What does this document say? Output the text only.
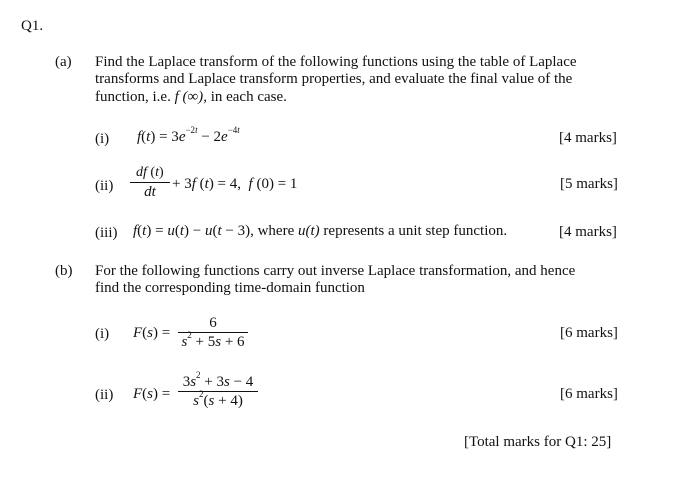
Q1.
(a) Find the Laplace transform of the following functions using the table of Laplace
transforms and Laplace transform properties, and evaluate the final value of the
function, i.e. f (∞), in each case.
(i) $f(t) = 3e^{-2t} - 2e^{-4t}$	[4 marks]
(ii)	dt
df (t)
+ 3f (t) = 4,  f (0) = 1	[5 marks]
(iii) f(t) = u(t) − u(t − 3), where u(t) represents a unit step function.	[4 marks]
(b) For the following functions carry out inverse Laplace transformation, and hence
find the corresponding time-domain function
(i) F(s) =
6
$s^2 + 5s + 6$
[6 marks]
(ii) F(s) =
$3s^2 + 3s - 4$
$s^2(s + 4)$	[6 marks]
[Total marks for Q1: 25]
